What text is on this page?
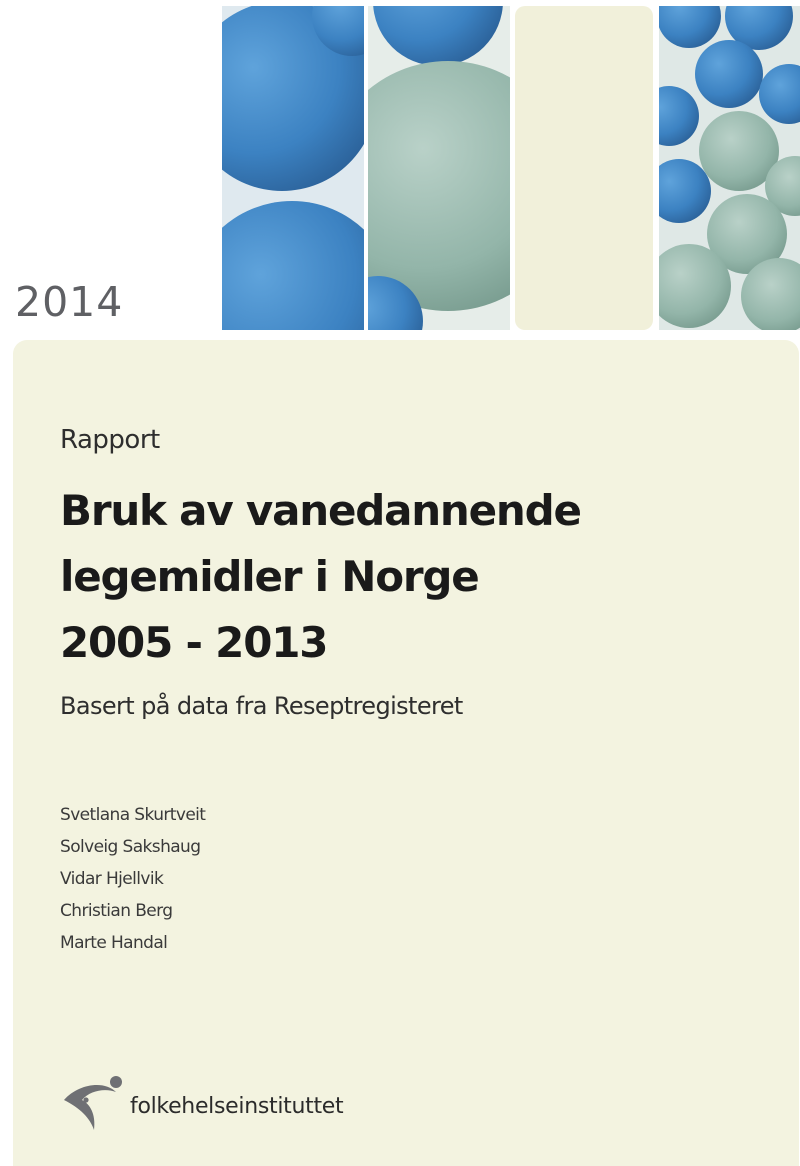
2014
Rapport
Bruk av vanedannende
legemidler i Norge
2005 - 2013
Basert på data fra Reseptregisteret
Svetlana Skurtveit
Solveig Sakshaug
Vidar Hjellvik
Christian Berg
Marte Handal
folkehelseinstituttet
